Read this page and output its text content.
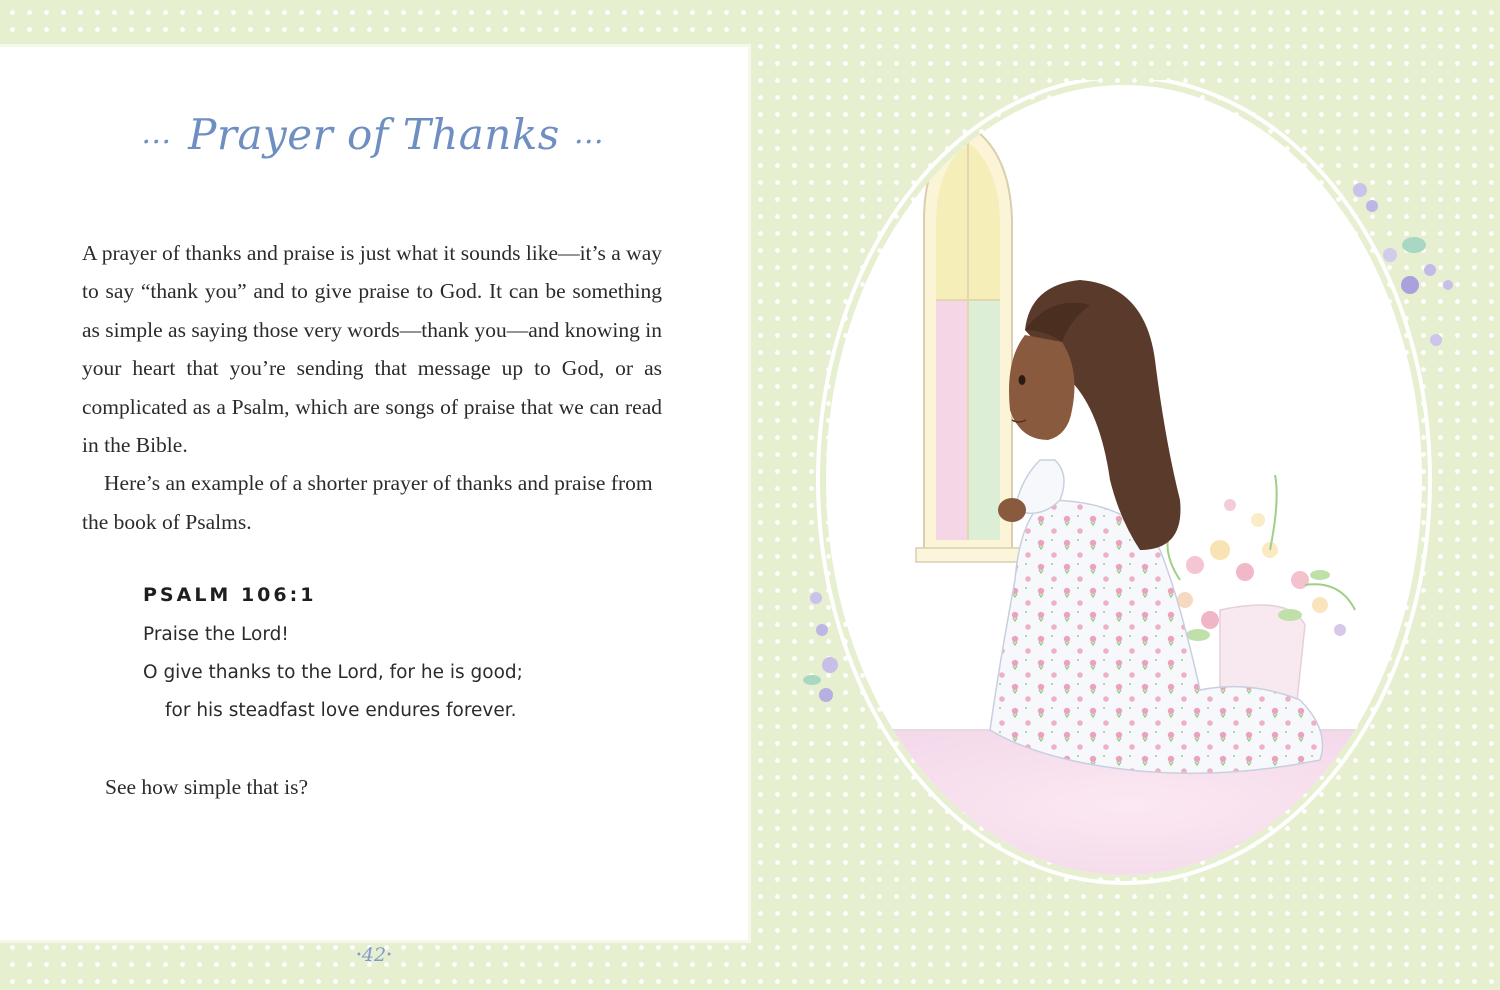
… Prayer of Thanks …

A prayer of thanks and praise is just what it sounds like—it’s a way to say “thank you” and to give praise to God. It can be something as simple as saying those very words—thank you—and knowing in your heart that you’re sending that message up to God, or as complicated as a Psalm, which are songs of praise that we can read in the Bible.

Here’s an example of a shorter prayer of thanks and praise from the book of Psalms.

PSALM 106:1
Praise the Lord!
O give thanks to the Lord, for he is good;
for his steadfast love endures forever.
See how simple that is?
•42•
